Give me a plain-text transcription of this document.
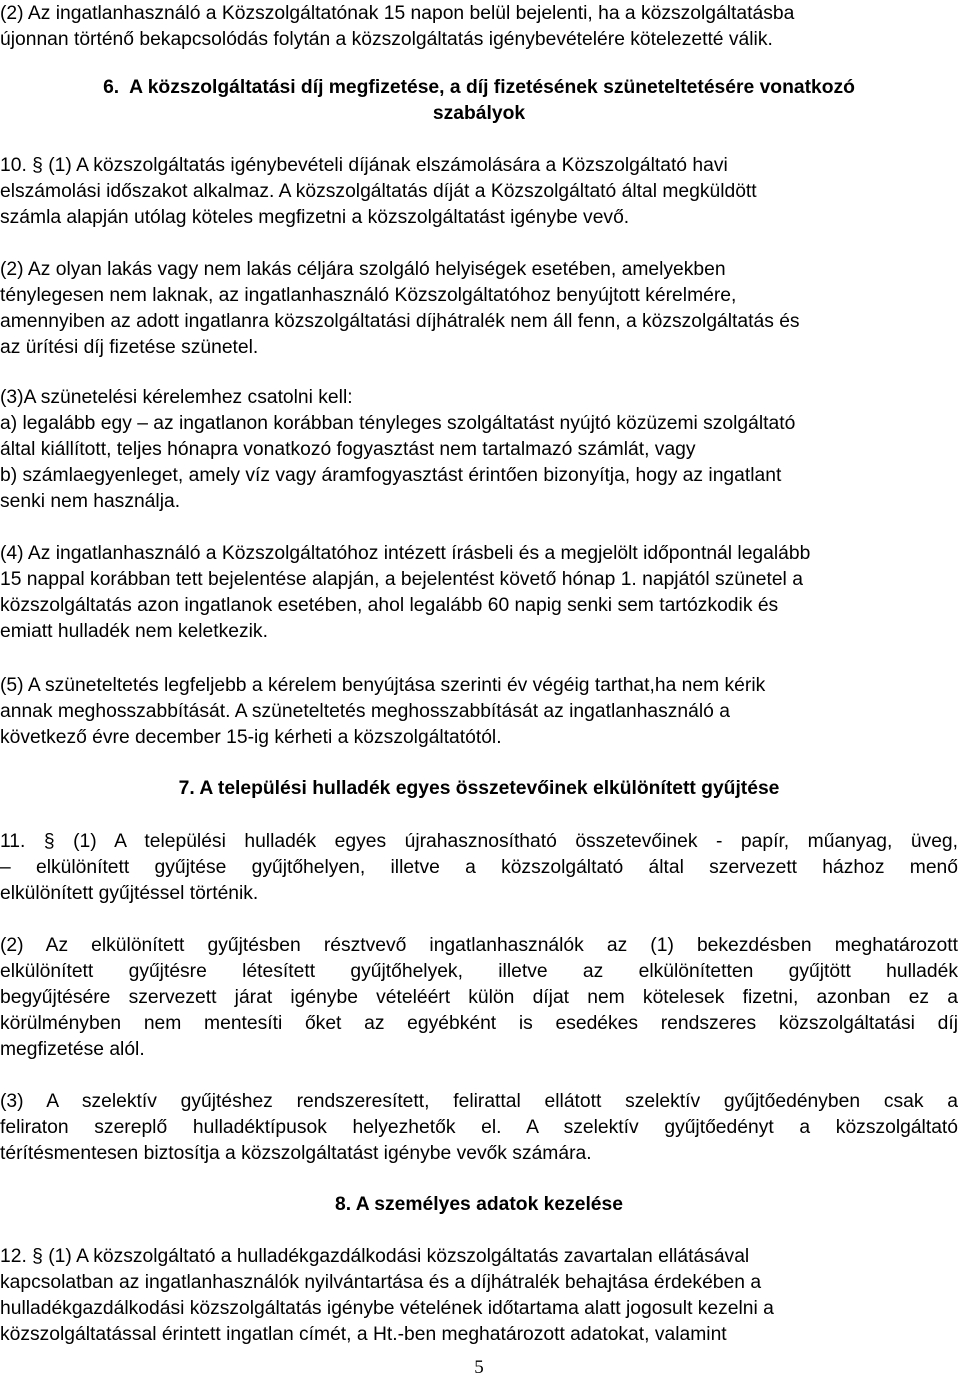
(2) Az ingatlanhasználó a Közszolgáltatónak 15 napon belül bejelenti, ha a közszolgáltatásba
újonnan történő bekapcsolódás folytán a közszolgáltatás igénybevételére kötelezetté válik.
6.  A közszolgáltatási díj megfizetése, a díj fizetésének szüneteltetésére vonatkozó
szabályok
10. § (1) A közszolgáltatás igénybevételi díjának elszámolására a Közszolgáltató havi
elszámolási időszakot alkalmaz. A közszolgáltatás díját a Közszolgáltató által megküldött
számla alapján utólag köteles megfizetni a közszolgáltatást igénybe vevő.
(2) Az olyan lakás vagy nem lakás céljára szolgáló helyiségek esetében, amelyekben
ténylegesen nem laknak, az ingatlanhasználó Közszolgáltatóhoz benyújtott kérelmére,
amennyiben az adott ingatlanra közszolgáltatási díjhátralék nem áll fenn, a közszolgáltatás és
az ürítési díj fizetése szünetel.
(3)A szünetelési kérelemhez csatolni kell:
a) legalább egy – az ingatlanon korábban tényleges szolgáltatást nyújtó közüzemi szolgáltató
által kiállított, teljes hónapra vonatkozó fogyasztást nem tartalmazó számlát, vagy
b) számlaegyenleget, amely víz vagy áramfogyasztást érintően bizonyítja, hogy az ingatlant
senki nem használja.
(4) Az ingatlanhasználó a Közszolgáltatóhoz intézett írásbeli és a megjelölt időpontnál legalább
15 nappal korábban tett bejelentése alapján, a bejelentést követő hónap 1. napjától szünetel a
közszolgáltatás azon ingatlanok esetében, ahol legalább 60 napig senki sem tartózkodik és
emiatt hulladék nem keletkezik.
(5) A szüneteltetés legfeljebb a kérelem benyújtása szerinti év végéig tarthat,ha nem kérik
annak meghosszabbítását. A szüneteltetés meghosszabbítását az ingatlanhasználó a
következő évre december 15-ig kérheti a közszolgáltatótól.
7. A települési hulladék egyes összetevőinek elkülönített gyűjtése
11. § (1) A települési hulladék egyes újrahasznosítható összetevőinek - papír, műanyag, üveg,
– elkülönített gyűjtése gyűjtőhelyen, illetve a közszolgáltató által szervezett házhoz menő
elkülönített gyűjtéssel történik.
(2) Az elkülönített gyűjtésben résztvevő ingatlanhasználók az (1) bekezdésben meghatározott
elkülönített gyűjtésre létesített gyűjtőhelyek, illetve az elkülönítetten gyűjtött hulladék
begyűjtésére szervezett járat igénybe vételéért külön díjat nem kötelesek fizetni, azonban ez a
körülményben nem mentesíti őket az egyébként is esedékes rendszeres közszolgáltatási díj
megfizetése alól.
(3) A szelektív gyűjtéshez rendszeresített, felirattal ellátott szelektív gyűjtőedényben csak a
feliraton szereplő hulladéktípusok helyezhetők el. A szelektív gyűjtőedényt a közszolgáltató
térítésmentesen biztosítja a közszolgáltatást igénybe vevők számára.
8. A személyes adatok kezelése
12. § (1) A közszolgáltató a hulladékgazdálkodási közszolgáltatás zavartalan ellátásával
kapcsolatban az ingatlanhasználók nyilvántartása és a díjhátralék behajtása érdekében a
hulladékgazdálkodási közszolgáltatás igénybe vételének időtartama alatt jogosult kezelni a
közszolgáltatással érintett ingatlan címét, a Ht.-ben meghatározott adatokat, valamint
5
